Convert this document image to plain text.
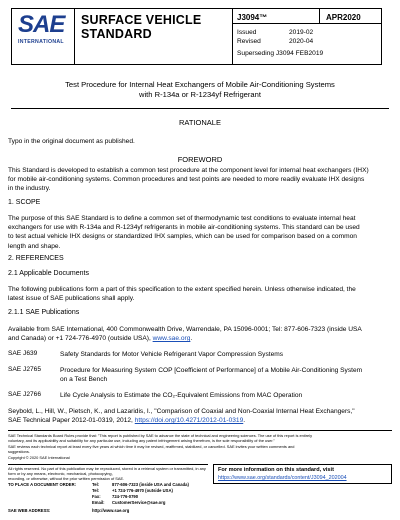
SAE
INTERNATIONAL
SURFACE VEHICLE
STANDARD
J3094™	APR2020
Issued	2019-02
Revised	2020-04
Superseding J3094 FEB2019
Test Procedure for Internal Heat Exchangers of Mobile Air-Conditioning Systems
with R-134a or R-1234yf Refrigerant
RATIONALE
Typo in the original document as published.
FOREWORD
This Standard is developed to establish a common test procedure at the component level for internal heat exchangers (IHX)
for mobile air-conditioning systems. Common procedures and test points are needed to more readily evaluate IHX designs
in the industry.
1. SCOPE
The purpose of this SAE Standard is to define a common set of thermodynamic test conditions to evaluate internal heat
exchangers for use with R-134a and R-1234yf refrigerants in mobile air-conditioning systems. This standard can be used
to test actual vehicle IHX designs or standardized IHX samples, which can be used for comparison based on a common
length and shape.
2. REFERENCES
2.1 Applicable Documents
The following publications form a part of this specification to the extent specified herein. Unless otherwise indicated, the
latest issue of SAE publications shall apply.
2.1.1 SAE Publications
Available from SAE International, 400 Commonwealth Drive, Warrendale, PA 15096-0001; Tel: 877-606-7323 (inside USA
and Canada) or +1 724-776-4970 (outside USA), www.sae.org.
SAE J639	Safety Standards for Motor Vehicle Refrigerant Vapor Compression Systems
SAE J2765	Procedure for Measuring System COP [Coefficient of Performance] of a Mobile Air-Conditioning System
on a Test Bench
SAE J2766	Life Cycle Analysis to Estimate the CO₂-Equivalent Emissions from MAC Operation
Seybold, L., Hill, W., Pietsch, K., and Lazaridis, I., "Comparison of Coaxial and Non-Coaxial Internal Heat Exchangers,"
SAE Technical Paper 2012-01-0319, 2012, https://doi.org/10.4271/2012-01-0319.
SAE Technical Standards Board Rules provide that: "This report is published by SAE to advance the state of technical and engineering sciences. The use of this report is entirely
voluntary, and its applicability and suitability for any particular use, including any patent infringement arising therefrom, is the sole responsibility of the user."
SAE reviews each technical report at least every five years at which time it may be revised, reaffirmed, stabilized, or cancelled. SAE invites your written comments and
suggestions.
Copyright © 2020 SAE International
All rights reserved. No part of this publication may be reproduced, stored in a retrieval system or transmitted, in any form or by any means, electronic, mechanical, photocopying,
recording, or otherwise, without the prior written permission of SAE.
TO PLACE A DOCUMENT ORDER:	Tel:	877-606-7323 (inside USA and Canada)
Tel:	+1 724-776-4970 (outside USA)
Fax:	724-776-0790
Email:	CustomerService@sae.org
SAE WEB ADDRESS:	http://www.sae.org
For more information on this standard, visit
https://www.sae.org/standards/content/J3094_202004
